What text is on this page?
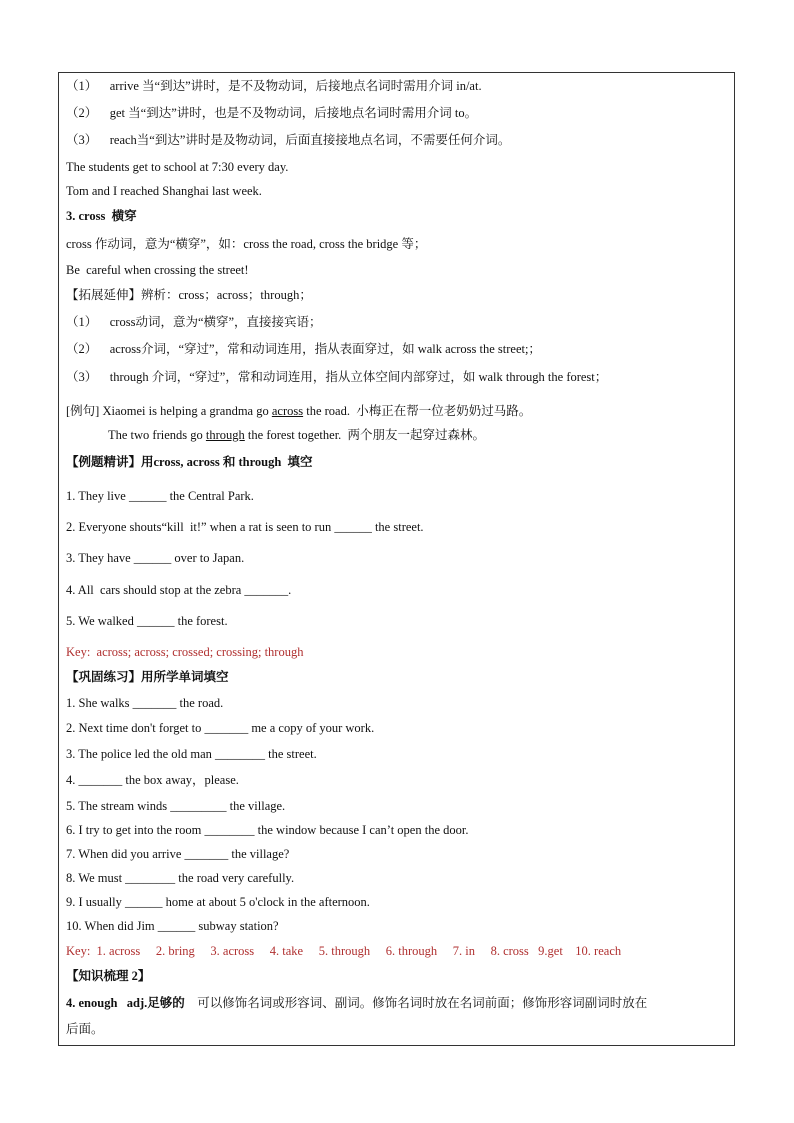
（1）    arrive 当“到达”讲时，是不及物动词，后接地点名词时需用介词 in/at.
（2）    get 当“到达”讲时，也是不及物动词，后接地点名词时需用介词 to。
（3）    reach当“到达”讲时是及物动词，后面直接接地点名词，不需要任何介词。
The students get to school at 7:30 every day.
Tom and I reached Shanghai last week.
3. cross  横穿
cross 作动词，意为“横穿”，如：cross the road, cross the bridge 等；
Be  careful when crossing the street!
【拓展延伸】辨析：cross；across；through；
（1）    cross动词，意为“横穿”，直接接宾语；
（2）    across介词，“穿过”，常和动词连用，指从表面穿过，如 walk across the street;；
（3）    through 介词，“穿过”，常和动词连用，指从立体空间内部穿过，如 walk through the forest；
[例句] Xiaomei is helping a grandma go across the road.  小梅正在帮一位老奶奶过马路。
The two friends go through the forest together.  两个朋友一起穿过森林。
【例题精讲】用cross, across 和 through  填空
1. They live ______ the Central Park.
2. Everyone shouts“kill  it!” when a rat is seen to run ______ the street.
3. They have ______ over to Japan.
4. All  cars should stop at the zebra _______.
5. We walked ______ the forest.
Key:  across; across; crossed; crossing; through
【巩固练习】用所学单词填空
1. She walks _______ the road.
2. Next time don't forget to _______ me a copy of your work.
3. The police led the old man ________ the street.
4. _______ the box away，please.
5. The stream winds _________ the village.
6. I try to get into the room ________ the window because I can’t open the door.
7. When did you arrive _______ the village?
8. We must ________ the road very carefully.
9. I usually ______ home at about 5 o'clock in the afternoon.
10. When did Jim ______ subway station?
Key:  1. across     2. bring     3. across     4. take     5. through     6. through     7. in     8. cross   9.get    10. reach
【知识梳理 2】
4. enough   adj.足够的    可以修饰名词或形容词、副词。修饰名词时放在名词前面；修饰形容词副词时放在
后面。
